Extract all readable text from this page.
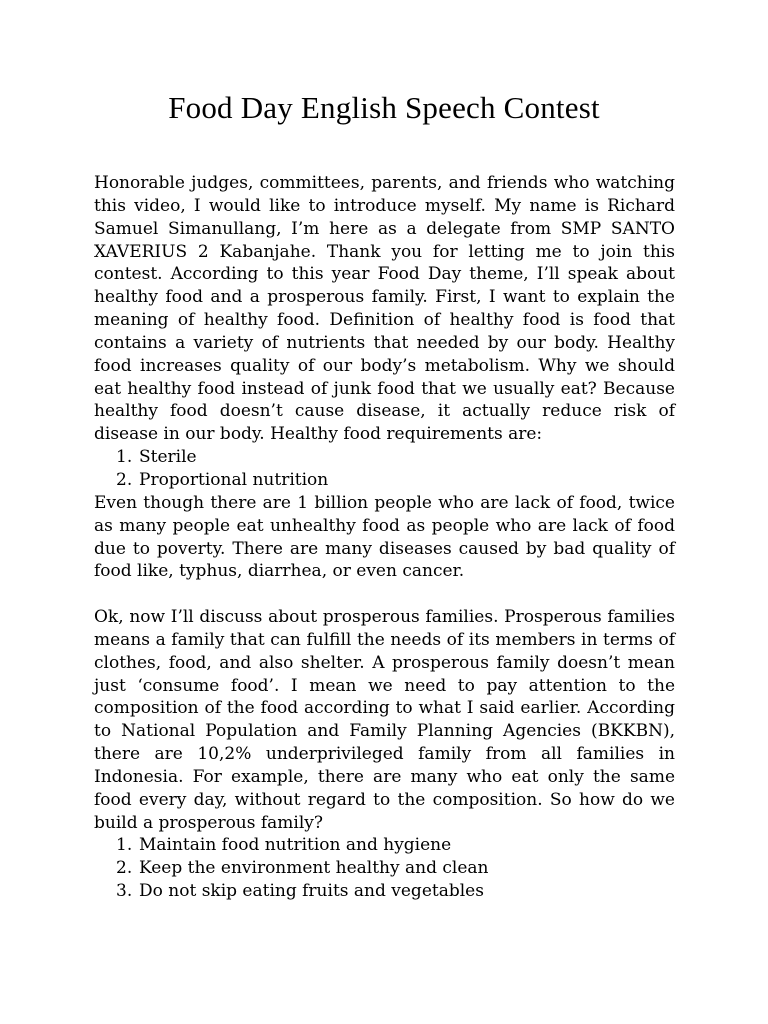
Food Day English Speech Contest

Honorable judges, committees, parents, and friends who watching this video, I would like to introduce myself. My name is Richard Samuel Simanullang, I’m here as a delegate from SMP SANTO XAVERIUS 2 Kabanjahe. Thank you for letting me to join this contest. According to this year Food Day theme, I’ll speak about healthy food and a prosperous family. First, I want to explain the meaning of healthy food. Definition of healthy food is food that contains a variety of nutrients that needed by our body. Healthy food increases quality of our body’s metabolism. Why we should eat healthy food instead of junk food that we usually eat? Because healthy food doesn’t cause disease, it actually reduce risk of disease in our body. Healthy food requirements are:

1. Sterile
2. Proportional nutrition

Even though there are 1 billion people who are lack of food, twice as many people eat unhealthy food as people who are lack of food due to poverty. There are many diseases caused by bad quality of food like, typhus, diarrhea, or even cancer.

Ok, now I’ll discuss about prosperous families. Prosperous families means a family that can fulfill the needs of its members in terms of clothes, food, and also shelter. A prosperous family doesn’t mean just ‘consume food’. I mean we need to pay attention to the composition of the food according to what I said earlier. According to National Population and Family Planning Agencies (BKKBN), there are 10,2% underprivileged family from all families in Indonesia. For example, there are many who eat only the same food every day, without regard to the composition. So how do we build a prosperous family?

1. Maintain food nutrition and hygiene
2. Keep the environment healthy and clean
3. Do not skip eating fruits and vegetables
